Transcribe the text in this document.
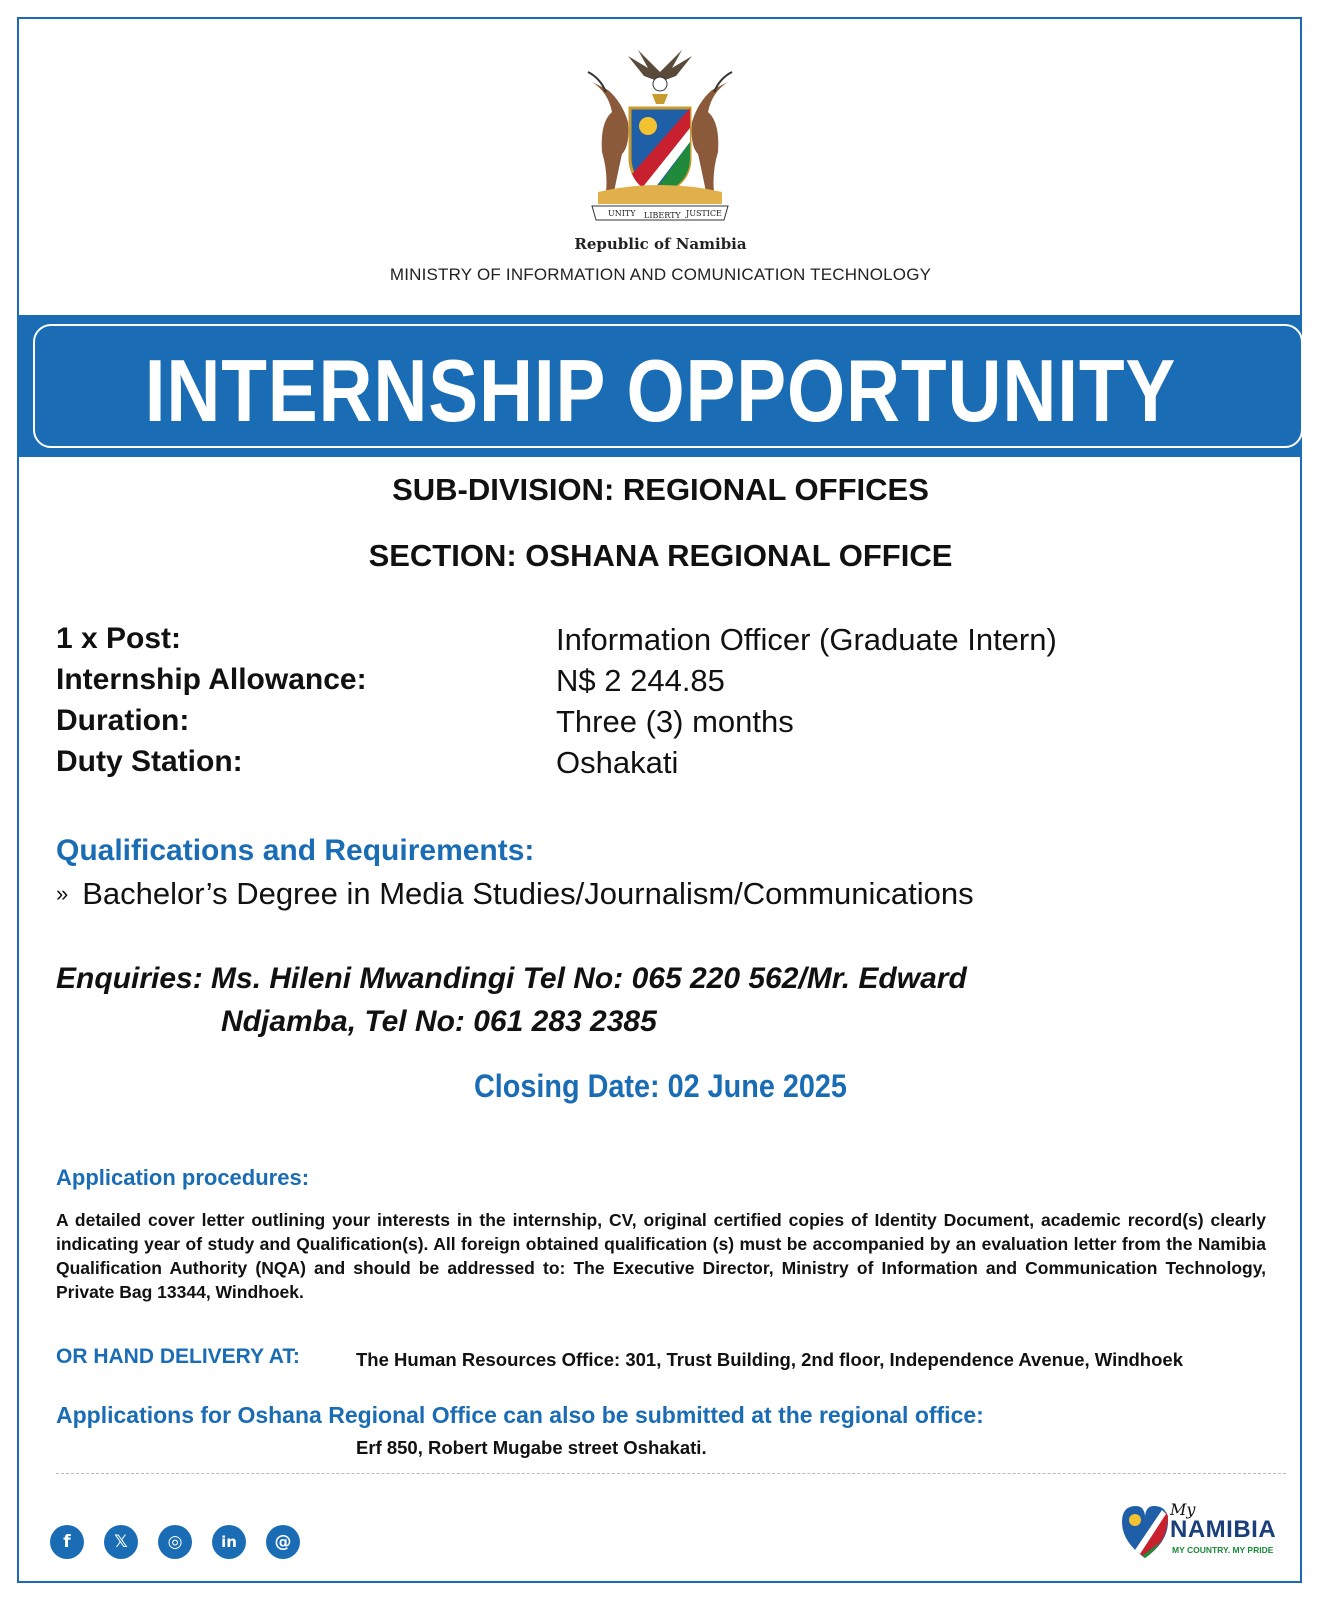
UNITY LIBERTY JUSTICE
Republic of Namibia
MINISTRY OF INFORMATION AND COMUNICATION TECHNOLOGY
INTERNSHIP OPPORTUNITY
SUB-DIVISION: REGIONAL OFFICES
SECTION: OSHANA REGIONAL OFFICE
1 x Post:	Information Officer (Graduate Intern)
Internship Allowance:	N$ 2 244.85
Duration:	Three (3) months
Duty Station:	Oshakati
Qualifications and Requirements:
» Bachelor’s Degree in Media Studies/Journalism/Communications
Enquiries: Ms. Hileni Mwandingi Tel No: 065 220 562/Mr. Edward
Ndjamba, Tel No: 061 283 2385
Closing Date: 02 June 2025
Application procedures:
A detailed cover letter outlining your interests in the internship, CV, original certified copies of Identity Document, academic record(s) clearly indicating year of study and Qualification(s). All foreign obtained qualification (s) must be accompanied by an evaluation letter from the Namibia Qualification Authority (NQA) and should be addressed to: The Executive Director, Ministry of Information and Communication Technology, Private Bag 13344, Windhoek.
OR HAND DELIVERY AT:	The Human Resources Office: 301, Trust Building, 2nd floor, Independence Avenue, Windhoek
Applications for Oshana Regional Office can also be submitted at the regional office:
Erf 850, Robert Mugabe street Oshakati.
f	𝕏	◎	in	@
My
NAMIBIA
MY COUNTRY. MY PRIDE
